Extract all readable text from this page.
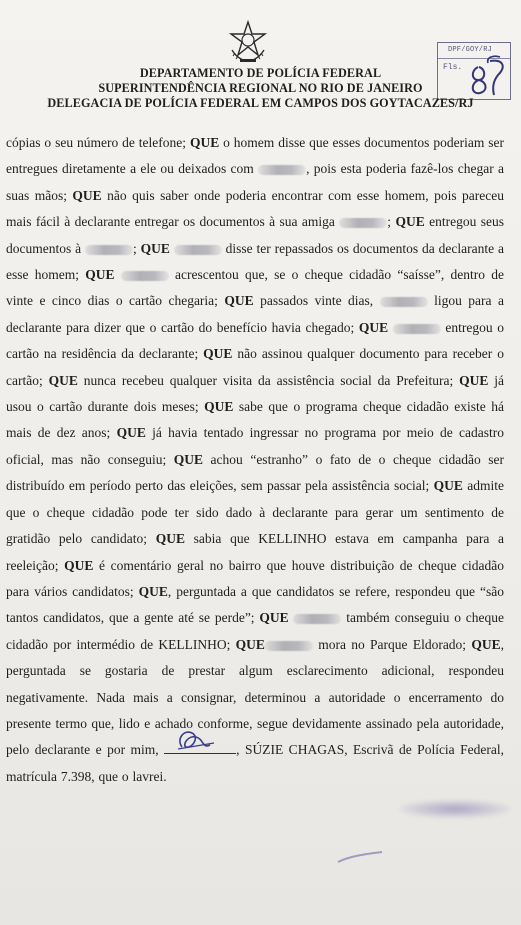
DPF/GOY/RJ
Fls.
DEPARTAMENTO DE POLÍCIA FEDERAL
SUPERINTENDÊNCIA REGIONAL NO RIO DE JANEIRO
DELEGACIA DE POLÍCIA FEDERAL EM CAMPOS DOS GOYTACAZES/RJ

cópias o seu número de telefone; QUE o homem disse que esses documentos poderiam ser entregues diretamente a ele ou deixados com	, pois esta poderia fazê-los chegar a suas mãos; QUE não quis saber onde poderia encontrar com esse homem, pois pareceu mais fácil à declarante entregar os documentos à sua amiga	; QUE entregou seus documentos à	; QUE	disse ter repassados os documentos da declarante a esse homem; QUE	acrescentou que, se o cheque cidadão “saísse”, dentro de vinte e cinco dias o cartão chegaria; QUE passados vinte dias,	ligou para a declarante para dizer que o cartão do benefício havia chegado; QUE	entregou o cartão na residência da declarante; QUE não assinou qualquer documento para receber o cartão; QUE nunca recebeu qualquer visita da assistência social da Prefeitura; QUE já usou o cartão durante dois meses; QUE sabe que o programa cheque cidadão existe há mais de dez anos; QUE já havia tentado ingressar no programa por meio de cadastro oficial, mas não conseguiu; QUE achou “estranho” o fato de o cheque cidadão ser distribuído em período perto das eleições, sem passar pela assistência social; QUE admite que o cheque cidadão pode ter sido dado à declarante para gerar um sentimento de gratidão pelo candidato; QUE sabia que KELLINHO estava em campanha para a reeleição; QUE é comentário geral no bairro que houve distribuição de cheque cidadão para vários candidatos; QUE, perguntada a que candidatos se refere, respondeu que “são tantos candidatos, que a gente até se perde”; QUE	também conseguiu o cheque cidadão por intermédio de KELLINHO; QUE	mora no Parque Eldorado; QUE, perguntada se gostaria de prestar algum esclarecimento adicional, respondeu negativamente. Nada mais a consignar, determinou a autoridade o encerramento do presente termo que, lido e achado conforme, segue devidamente assinado pela autoridade, pelo declarante e por mim,	, SÚZIE CHAGAS, Escrivã de Polícia Federal, matrícula 7.398, que o lavrei.
